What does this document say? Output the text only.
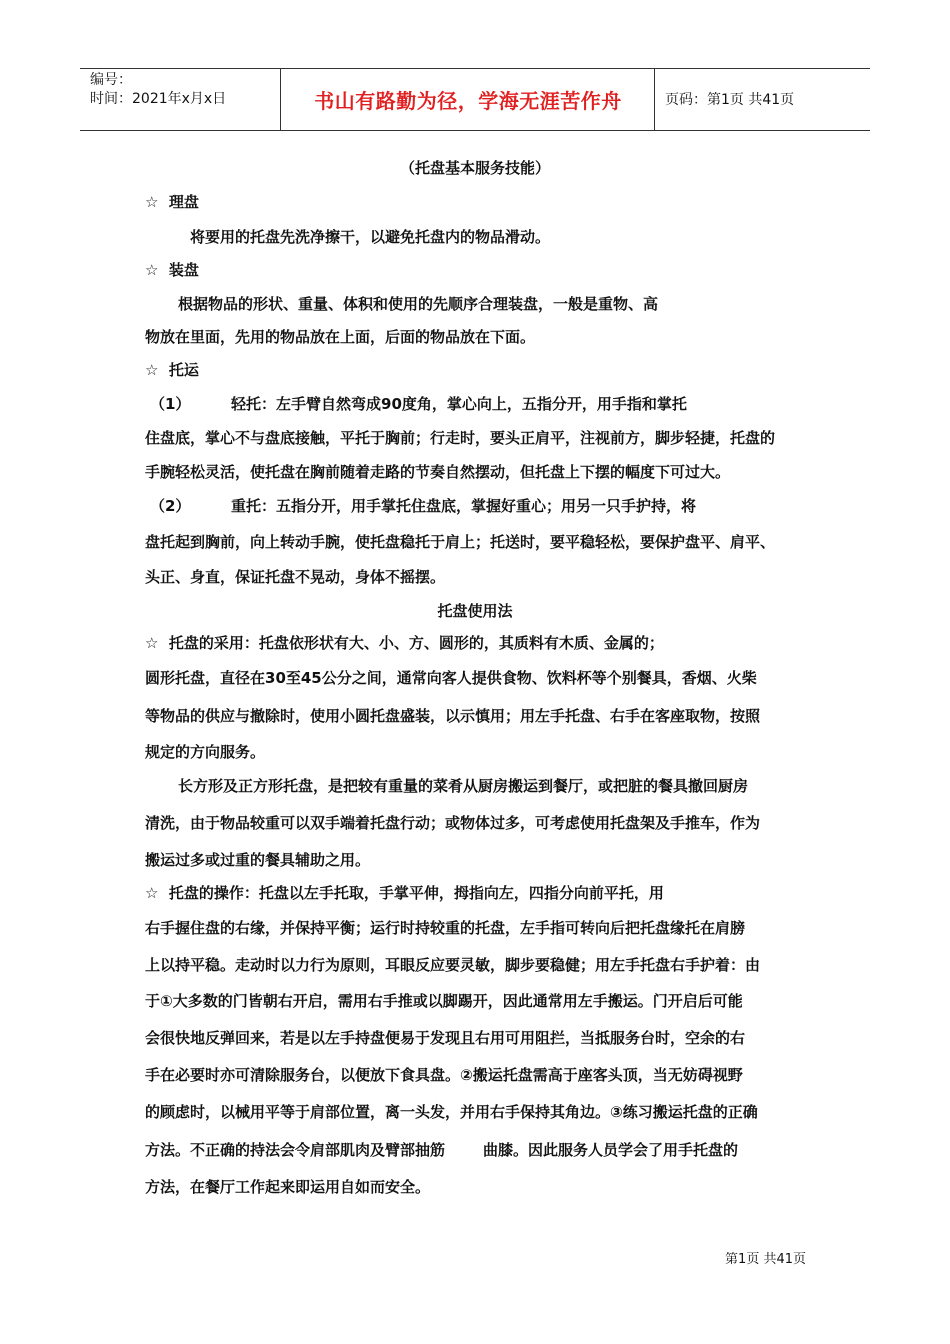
编号：
时间：2021年x月x日	书山有路勤为径，学海无涯苦作舟	页码：第1页 共41页
（托盘基本服务技能）
☆ 理盘
将要用的托盘先洗净擦干，以避免托盘内的物品滑动。
☆ 装盘
根据物品的形状、重量、体积和使用的先顺序合理装盘，一般是重物、高
物放在里面，先用的物品放在上面，后面的物品放在下面。
☆ 托运
（1）	轻托：左手臂自然弯成90度角，掌心向上，五指分开，用手指和掌托
住盘底，掌心不与盘底接触，平托于胸前；行走时，要头正肩平，注视前方，脚步轻捷，托盘的
手腕轻松灵活，使托盘在胸前随着走路的节奏自然摆动，但托盘上下摆的幅度下可过大。
（2）	重托：五指分开，用手掌托住盘底，掌握好重心；用另一只手护持，将
盘托起到胸前，向上转动手腕，使托盘稳托于肩上；托送时，要平稳轻松，要保护盘平、肩平、
头正、身直，保证托盘不晃动，身体不摇摆。
托盘使用法
☆ 托盘的采用：托盘依形状有大、小、方、圆形的，其质料有木质、金属的；
圆形托盘，直径在30至45公分之间，通常向客人提供食物、饮料杯等个别餐具，香烟、火柴
等物品的供应与撤除时，使用小圆托盘盛装，以示慎用；用左手托盘、右手在客座取物，按照
规定的方向服务。
长方形及正方形托盘，是把较有重量的菜肴从厨房搬运到餐厅，或把脏的餐具撤回厨房
清洗，由于物品较重可以双手端着托盘行动；或物体过多，可考虑使用托盘架及手推车，作为
搬运过多或过重的餐具辅助之用。
☆ 托盘的操作：托盘以左手托取，手掌平伸，拇指向左，四指分向前平托，用
右手握住盘的右缘，并保持平衡；运行时持较重的托盘，左手指可转向后把托盘缘托在肩膀
上以持平稳。走动时以力行为原则，耳眼反应要灵敏，脚步要稳健；用左手托盘右手护着：由
于①大多数的门皆朝右开启，需用右手推或以脚踢开，因此通常用左手搬运。门开启后可能
会很快地反弹回来，若是以左手持盘便易于发现且右用可用阻拦，当抵服务台时，空余的右
手在必要时亦可清除服务台，以便放下食具盘。②搬运托盘需高于座客头顶，当无妨碍视野
的顾虑时，以械用平等于肩部位置，离一头发，并用右手保持其角边。③练习搬运托盘的正确
方法。不正确的持法会令肩部肌肉及臂部抽筋	曲膝。因此服务人员学会了用手托盘的
方法，在餐厅工作起来即运用自如而安全。
第1页 共41页
